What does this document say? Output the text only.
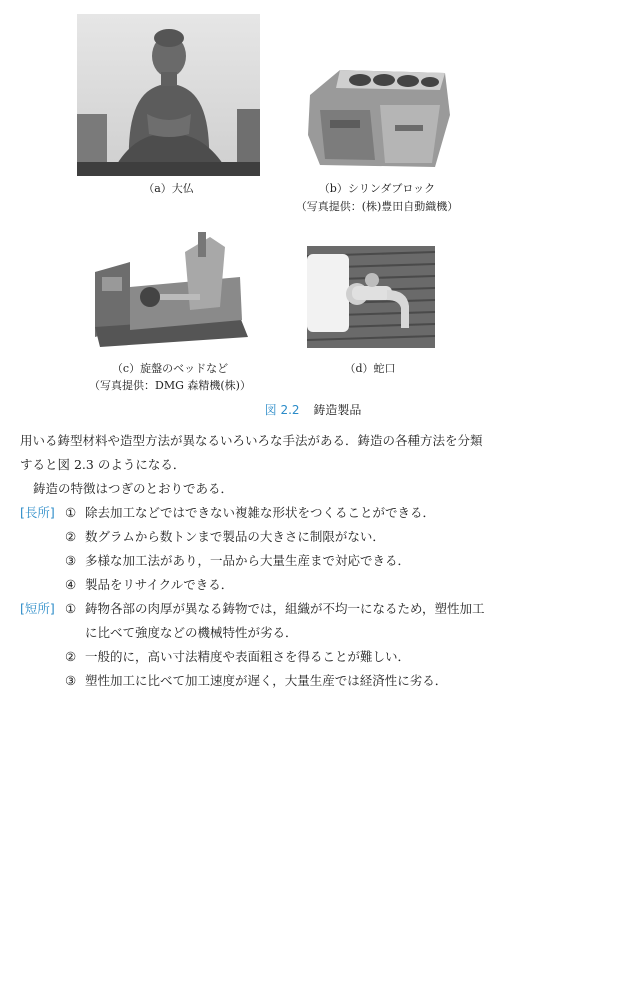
（a）大仏	（b）シリンダブロック
（写真提供：(株)豊田自動織機）
（c）旋盤のベッドなど
（写真提供：DMG 森精機(株)）
（d）蛇口
図 2.2 鋳造製品
用いる鋳型材料や造型方法が異なるいろいろな手法がある．鋳造の各種方法を分類
すると図 2.3 のようになる．
鋳造の特徴はつぎのとおりである．
[長所] ① 除去加工などではできない複雑な形状をつくることができる．
② 数グラムから数トンまで製品の大きさに制限がない．
③ 多様な加工法があり，一品から大量生産まで対応できる．
④ 製品をリサイクルできる．
[短所] ① 鋳物各部の肉厚が異なる鋳物では，組織が不均一になるため，塑性加工
に比べて強度などの機械特性が劣る．
② 一般的に，高い寸法精度や表面粗さを得ることが難しい．
③ 塑性加工に比べて加工速度が遅く，大量生産では経済性に劣る．
